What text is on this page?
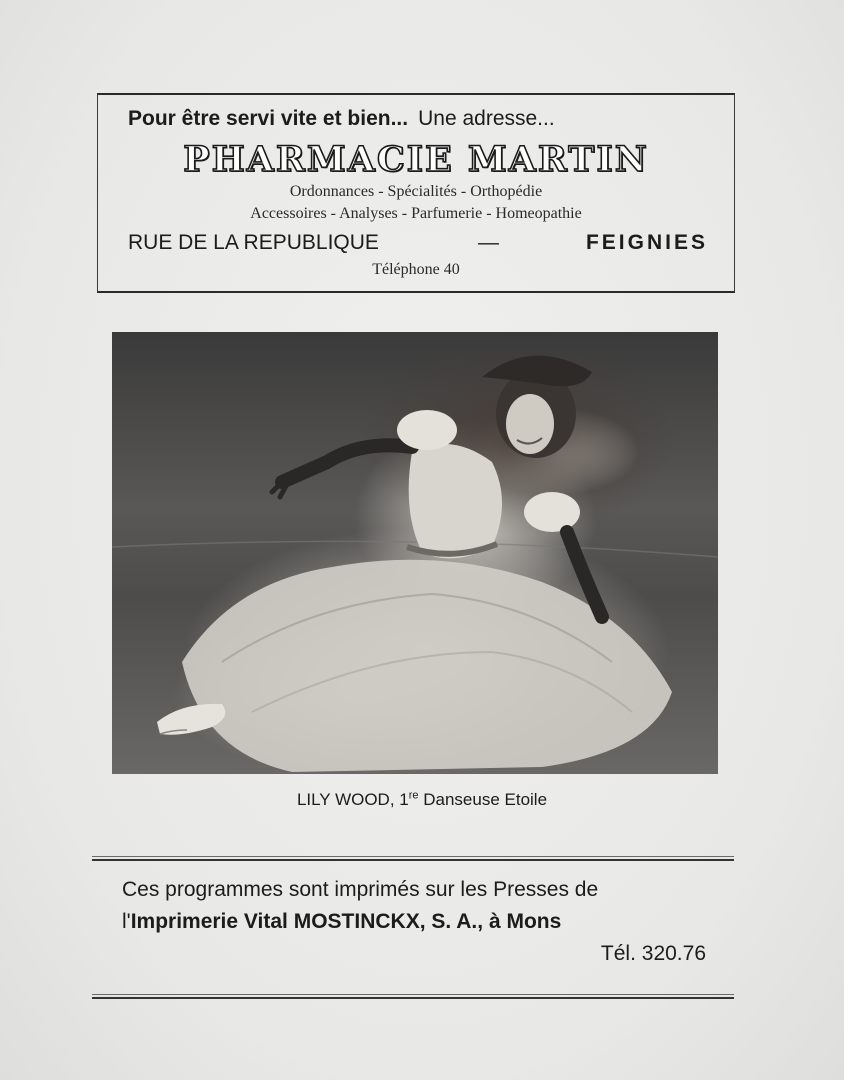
Pour être servi vite et bien... Une adresse...
PHARMACIE MARTIN
Ordonnances - Spécialités - Orthopédie
Accessoires - Analyses - Parfumerie - Homeopathie
RUE DE LA REPUBLIQUE	—	FEIGNIES
Téléphone 40
LILY WOOD, 1re Danseuse Etoile
Ces programmes sont imprimés sur les Presses de
l'Imprimerie Vital MOSTINCKX, S. A., à Mons
Tél. 320.76
